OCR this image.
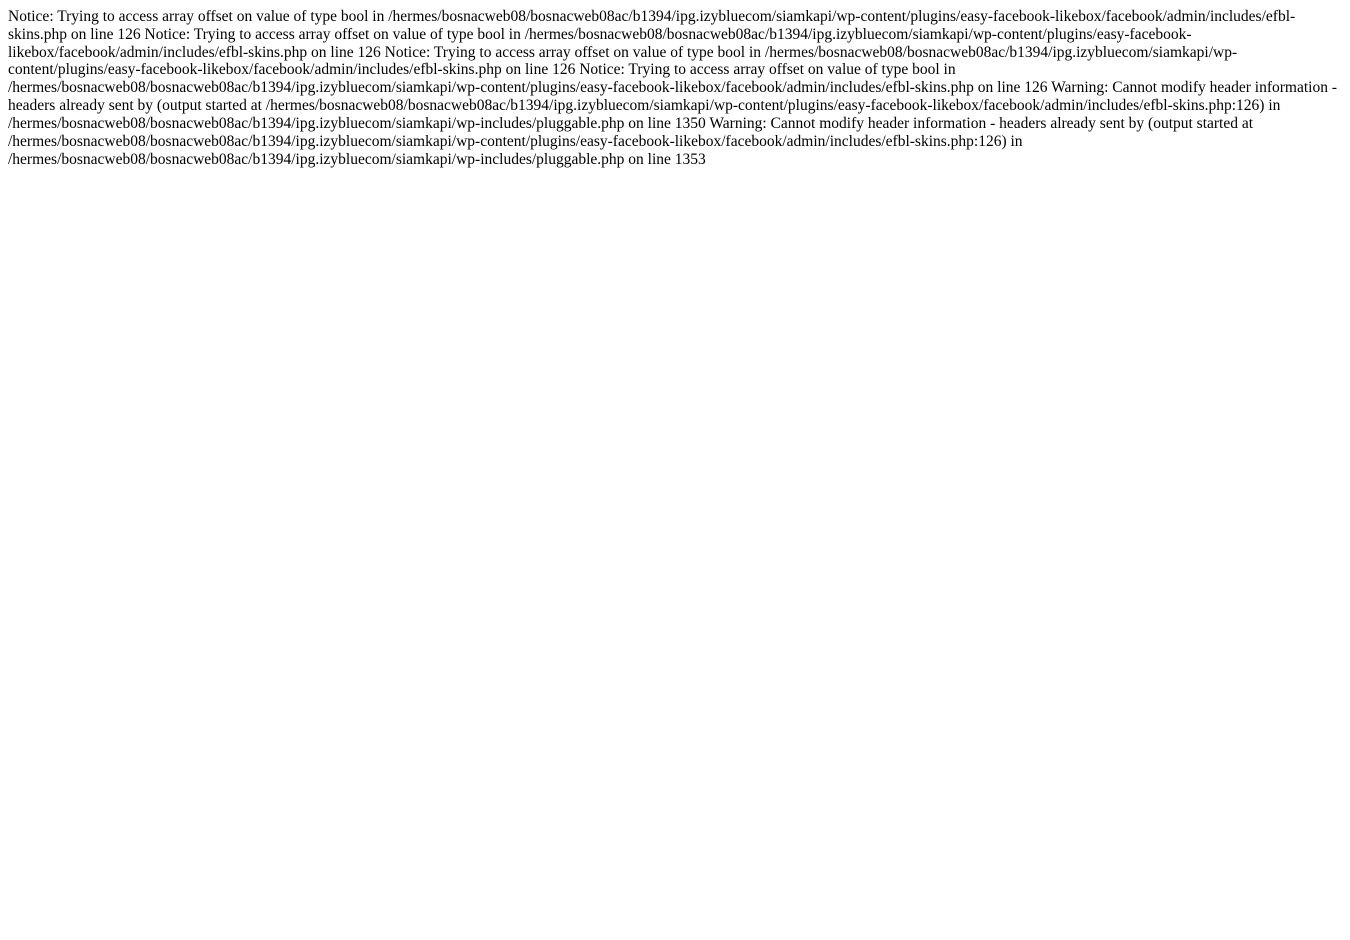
Notice: Trying to access array offset on value of type bool in /hermes/bosnacweb08/bosnacweb08ac/b1394/ipg.izybluecom/siamkapi/wp-content/plugins/easy-facebook-likebox/facebook/admin/includes/efbl-skins.php on line 126 Notice: Trying to access array offset on value of type bool in /hermes/bosnacweb08/bosnacweb08ac/b1394/ipg.izybluecom/siamkapi/wp-content/plugins/easy-facebook-likebox/facebook/admin/includes/efbl-skins.php on line 126 Notice: Trying to access array offset on value of type bool in /hermes/bosnacweb08/bosnacweb08ac/b1394/ipg.izybluecom/siamkapi/wp-content/plugins/easy-facebook-likebox/facebook/admin/includes/efbl-skins.php on line 126 Notice: Trying to access array offset on value of type bool in /hermes/bosnacweb08/bosnacweb08ac/b1394/ipg.izybluecom/siamkapi/wp-content/plugins/easy-facebook-likebox/facebook/admin/includes/efbl-skins.php on line 126 Warning: Cannot modify header information - headers already sent by (output started at /hermes/bosnacweb08/bosnacweb08ac/b1394/ipg.izybluecom/siamkapi/wp-content/plugins/easy-facebook-likebox/facebook/admin/includes/efbl-skins.php:126) in /hermes/bosnacweb08/bosnacweb08ac/b1394/ipg.izybluecom/siamkapi/wp-includes/pluggable.php on line 1350 Warning: Cannot modify header information - headers already sent by (output started at /hermes/bosnacweb08/bosnacweb08ac/b1394/ipg.izybluecom/siamkapi/wp-content/plugins/easy-facebook-likebox/facebook/admin/includes/efbl-skins.php:126) in /hermes/bosnacweb08/bosnacweb08ac/b1394/ipg.izybluecom/siamkapi/wp-includes/pluggable.php on line 1353
